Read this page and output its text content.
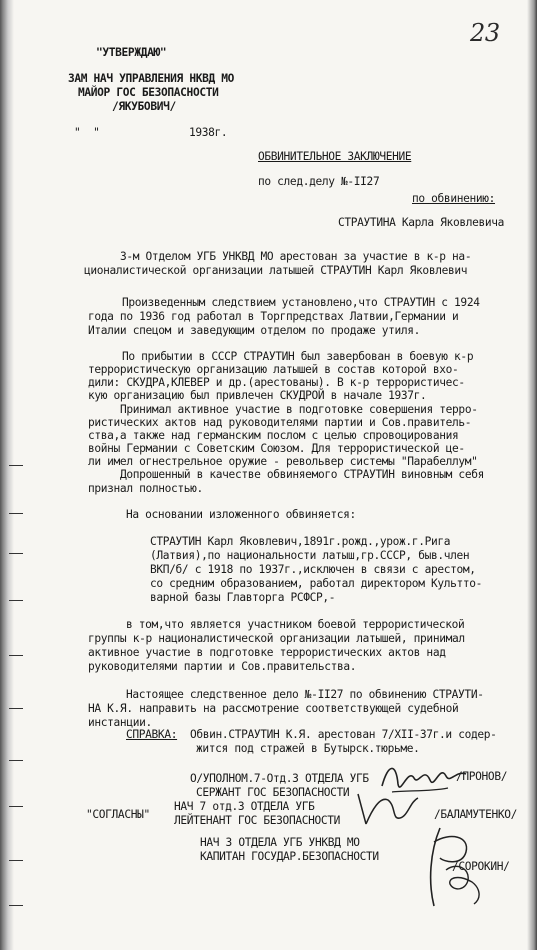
23
"УТВЕРЖДАЮ"
ЗАМ НАЧ УПРАВЛЕНИЯ НКВД МО
МАЙОР ГОС БЕЗОПАСНОСТИ
/ЯКУБОВИЧ/
"  "              1938г.
ОБВИНИТЕЛЬНОЕ ЗАКЛЮЧЕНИЕ
по след.делу №-II27
по обвинению:
СТРАУТИНА Карла Яковлевича
3-м Отделом УГБ УНКВД МО арестован за участие в к-р на-
ционалистической организации латышей СТРАУТИН Карл Яковлевич
Произведенным следствием установлено,что СТРАУТИН с 1924
года по 1936 год работал в Торгпредствах Латвии,Германии и
Италии спецом и заведующим отделом по продаже утиля.
По прибытии в СССР СТРАУТИН был завербован в боевую к-р
террористическую организацию латышей в состав которой вхо-
дили: СКУДРА,КЛЕВЕР и др.(арестованы). В к-р террористичес-
кую организацию был привлечен СКУДРОЙ в начале 1937г.
Принимал активное участие в подготовке совершения терро-
ристических актов над руководителями партии и Сов.правитель-
ства,а также над германским послом с целью спровоцирования
войны Германии с Советским Союзом. Для террористической це-
ли имел огнестрельное оружие - револьвер системы "Парабеллум"
Допрошенный в качестве обвиняемого СТРАУТИН виновным себя
признал полностью.
На основании изложенного обвиняется:
СТРАУТИН Карл Яковлевич,1891г.рожд.,урож.г.Рига
(Латвия),по национальности латыш,гр.СССР, быв.член
ВКП/б/ с 1918 по 1937г.,исключен в связи с арестом,
со средним образованием, работал директором Культто-
варной базы Главторга РСФСР,-
в том,что является участником боевой террористической
группы к-р националистической организации латышей, принимал
активное участие в подготовке террористических актов над
руководителями партии и Сов.правительства.
Настоящее следственное дело №-II27 по обвинению СТРАУТИ-
НА К.Я. направить на рассмотрение соответствующей судебной
инстанции.
СПРАВКА: Обвин.СТРАУТИН К.Я. арестован 7/XII-37г.и содер-
жится под стражей в Бутырск.тюрьме.
О/УПОЛНОМ.7-Отд.3 ОТДЕЛА УГБ
СЕРЖАНТ ГОС БЕЗОПАСНОСТИ
/ПРОНОВ/
"СОГЛАСНЫ"
НАЧ 7 отд.3 ОТДЕЛА УГБ
ЛЕЙТЕНАНТ ГОС БЕЗОПАСНОСТИ	/БАЛАМУТЕНКО/
НАЧ 3 ОТДЕЛА УГБ УНКВД МО
КАПИТАН ГОСУДАР.БЕЗОПАСНОСТИ
/СОРОКИН/
